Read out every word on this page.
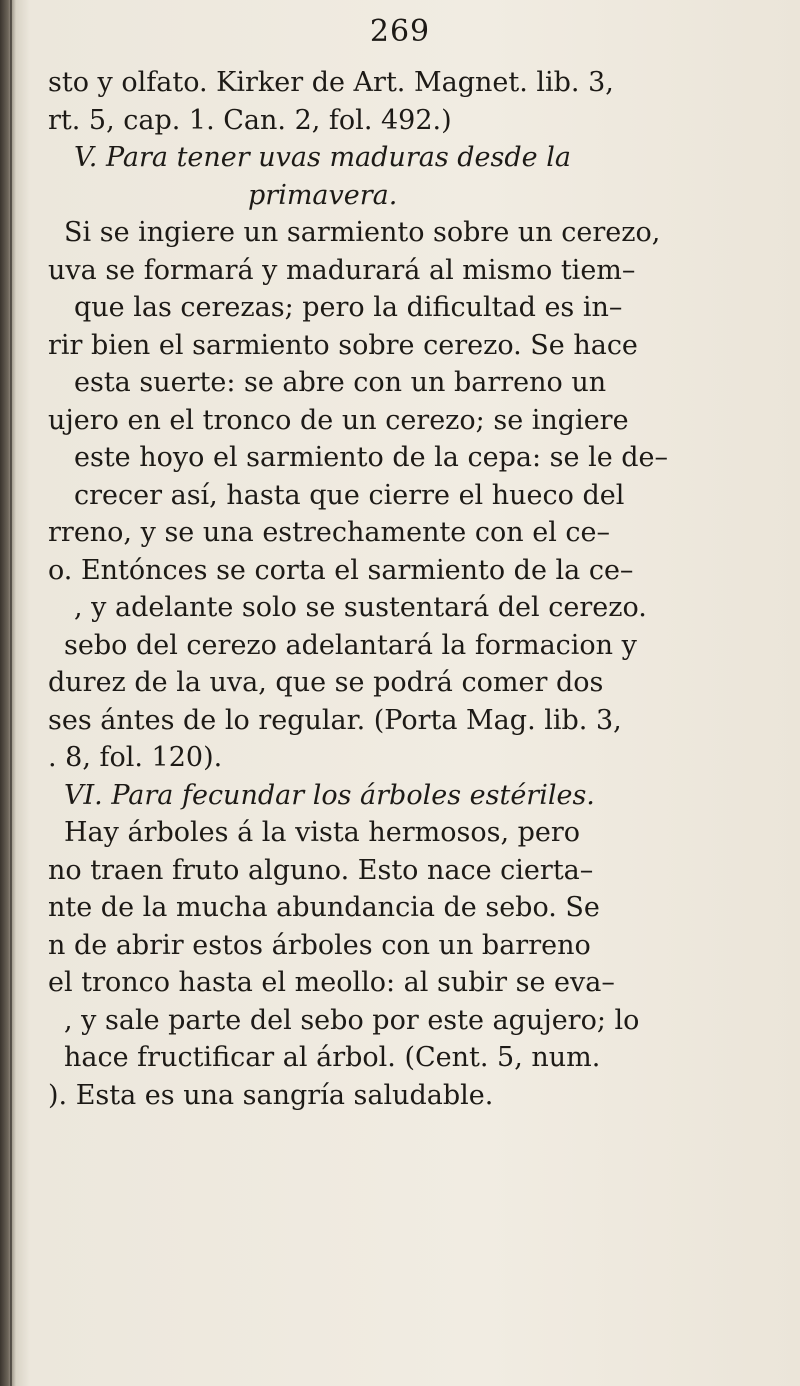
269
sto y olfato. Kirker de Art. Magnet. lib. 3,
rt. 5, cap. 1. Can. 2, fol. 492.)
V. Para tener uvas maduras desde la
primavera.
Si se ingiere un sarmiento sobre un cerezo,
uva se formará y madurará al mismo tiem–
que las cerezas; pero la dificultad es in–
rir bien el sarmiento sobre cerezo. Se hace
esta suerte: se abre con un barreno un
ujero en el tronco de un cerezo; se ingiere
este hoyo el sarmiento de la cepa: se le de–
crecer así, hasta que cierre el hueco del
rreno, y se una estrechamente con el ce–
o. Entónces se corta el sarmiento de la ce–
, y adelante solo se sustentará del cerezo.
sebo del cerezo adelantará la formacion y
durez de la uva, que se podrá comer dos
ses ántes de lo regular. (Porta Mag. lib. 3,
. 8, fol. 120).
VI. Para fecundar los árboles estériles.
Hay árboles á la vista hermosos, pero
no traen fruto alguno. Esto nace cierta–
nte de la mucha abundancia de sebo. Se
n de abrir estos árboles con un barreno
el tronco hasta el meollo: al subir se eva–
, y sale parte del sebo por este agujero; lo
hace fructificar al árbol. (Cent. 5, num.
). Esta es una sangría saludable.
